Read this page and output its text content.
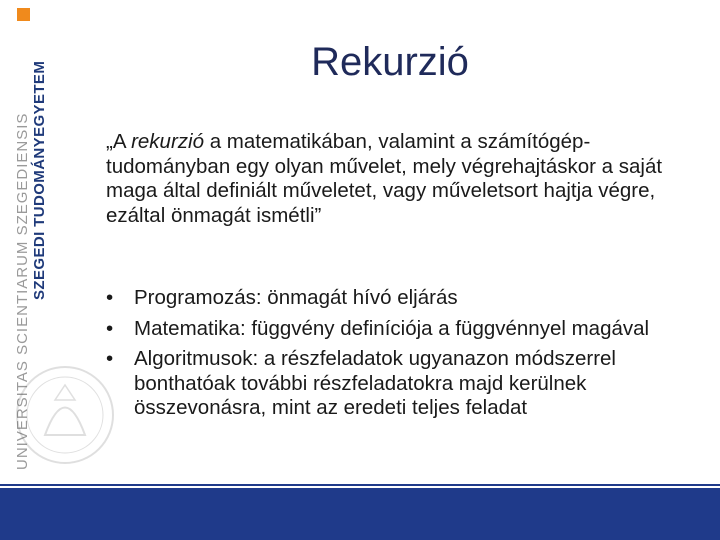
SZEGEDI TUDOMÁNYEGYETEM
UNIVERSITAS SCIENTIARUM SZEGEDIENSIS
Rekurzió
„A rekurzió a matematikában, valamint a számítógép-tudományban egy olyan művelet, mely végrehajtáskor a saját maga által definiált műveletet, vagy műveletsort hajtja végre, ezáltal önmagát ismétli”
• Programozás: önmagát hívó eljárás
• Matematika: függvény definíciója a függvénnyel magával
• Algoritmusok: a részfeladatok ugyanazon módszerrel bonthatóak további részfeladatokra majd kerülnek összevonásra, mint az eredeti teljes feladat
